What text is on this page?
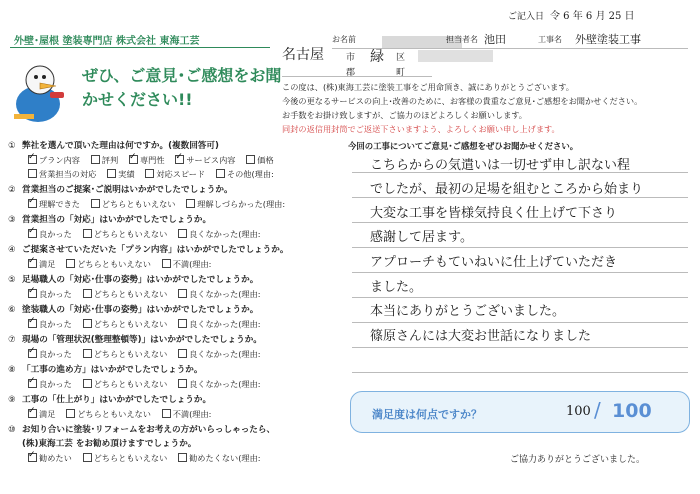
ご記入日 令 6 年 6 月 25 日
外壁･屋根 塗装専門店 株式会社 東海工芸
ぜひ、ご意見･ご感想をお聞かせください!!
お名前	担当者名 池田	工事名 外壁塗装工事
名古屋 市 緑 区
郡	町
この度は、(株)東海工芸に塗装工事をご用命頂き、誠にありがとうございます。
今後の更なるサービスの向上･改善のために、お客様の貴重なご意見･ご感想をお聞かせください。
お手数をお掛け致しますが、ご協力のほどよろしくお願いします。
同封の返信用封筒でご返送下さいますよう、よろしくお願い申し上げます。
① 弊社を選んで頂いた理由は何ですか。(複数回答可)
✓プラン内容　	評判　 ✓	専門性　 ✓	サービス内容　	価格
営業担当の対応　	実績　	対応スピード　	その他(理由:
② 営業担当のご提案･ご説明はいかがでしたでしょうか。
✓理解できた　	どちらともいえない　	理解しづらかった(理由:
③ 営業担当の「対応」はいかがでしたでしょうか。
✓良かった　	どちらともいえない　	良くなかった(理由:
④ ご提案させていただいた「プラン内容」はいかがでしたでしょうか。
✓満足　	どちらともいえない　	不満(理由:
⑤ 足場職人の「対応･仕事の姿勢」はいかがでしたでしょうか。
✓良かった　	どちらともいえない　	良くなかった(理由:
⑥ 塗装職人の「対応･仕事の姿勢」はいかがでしたでしょうか。
✓良かった　	どちらともいえない　	良くなかった(理由:
⑦ 現場の「管理状況(整理整頓等)」はいかがでしたでしょうか。
✓良かった　	どちらともいえない　	良くなかった(理由:
⑧ 「工事の進め方」はいかがでしたでしょうか。
✓良かった　	どちらともいえない　	良くなかった(理由:
⑨ 工事の「仕上がり」はいかがでしたでしょうか。
✓満足　	どちらともいえない　	不満(理由:
⑩ お知り合いに塗装･リフォームをお考えの方がいらっしゃったら、
(株)東海工芸 をお勧め頂けますでしょうか。
✓勧めたい　	どちらともいえない　	勧めたくない(理由:
今回の工事についてご意見･ご感想をぜひお聞かせください。
こちらからの気遣いは一切せず申し訳ない程
でしたが、最初の足場を組むところから始まり
大変な工事を皆様気持良く仕上げて下さり
感謝して居ます。
アプローチもていねいに仕上げていただき
ました。
本当にありがとうございました。
篠原さんには大変お世話になりました
満足度は何点ですか？	100 / 100
ご協力ありがとうございました。
